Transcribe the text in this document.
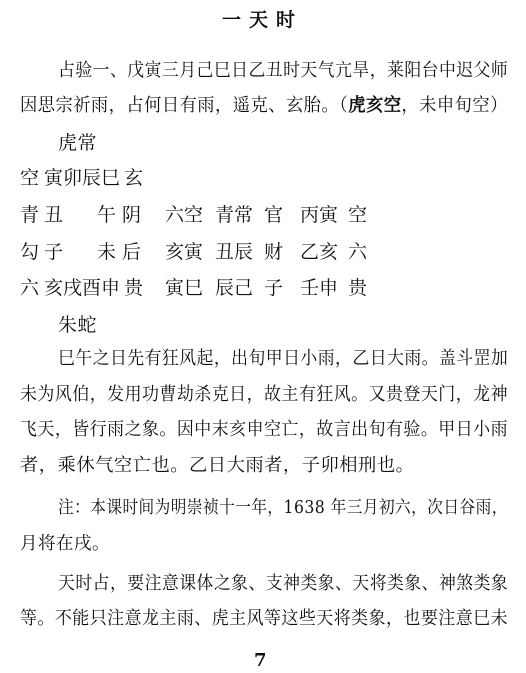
一天时
占验一、戊寅三月己巳日乙丑时天气亢旱，莱阳台中迟父师
因思宗祈雨，占何日有雨，遥克、玄胎。（虎亥空，未申旬空）
虎常
空 寅卯辰巳 玄
青 丑 午 阴 六空 青常 官 丙寅 空
勾 子 未 后 亥寅 丑辰 财 乙亥 六
六 亥戌酉申 贵 寅巳 辰己 子 壬申 贵
朱蛇
巳午之日先有狂风起，出旬甲日小雨，乙日大雨。盖斗罡加
未为风伯，发用功曹劫杀克日，故主有狂风。又贵登天门，龙神
飞天，皆行雨之象。因中末亥申空亡，故言出旬有验。甲日小雨
者，乘休气空亡也。乙日大雨者，子卯相刑也。
注：本课时间为明崇祯十一年，1638 年三月初六，次日谷雨，
月将在戌。
天时占，要注意课体之象、支神类象、天将类象、神煞类象
等。不能只注意龙主雨、虎主风等这些天将类象，也要注意巳未
7
